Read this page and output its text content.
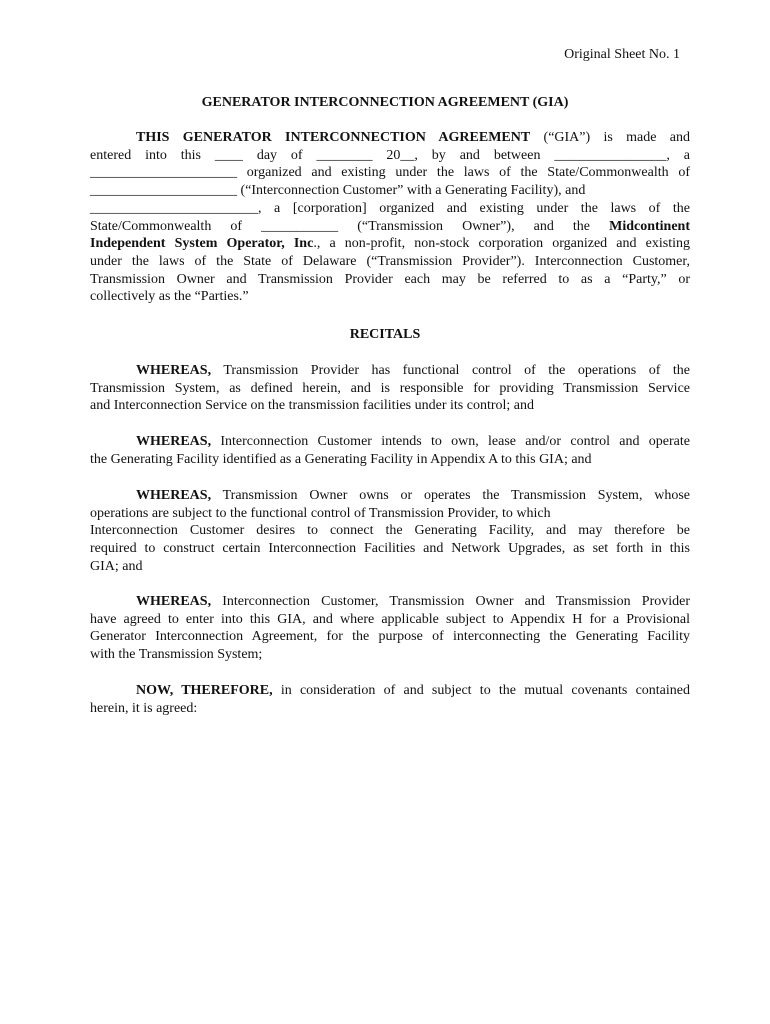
Original Sheet No. 1
GENERATOR INTERCONNECTION AGREEMENT (GIA)
THIS GENERATOR INTERCONNECTION AGREEMENT (“GIA”) is made and
entered into this ____ day of ________ 20__, by and between ________________, a
_____________________ organized and existing under the laws of the State/Commonwealth of
_____________________ (“Interconnection Customer” with a Generating Facility), and
________________________, a [corporation] organized and existing under the laws of the
State/Commonwealth of ___________ (“Transmission Owner”), and the Midcontinent
Independent System Operator, Inc., a non-profit, non-stock corporation organized and existing
under the laws of the State of Delaware (“Transmission Provider”). Interconnection Customer,
Transmission Owner and Transmission Provider each may be referred to as a “Party,” or
collectively as the “Parties.”
RECITALS
WHEREAS, Transmission Provider has functional control of the operations of the
Transmission System, as defined herein, and is responsible for providing Transmission Service
and Interconnection Service on the transmission facilities under its control; and
WHEREAS, Interconnection Customer intends to own, lease and/or control and operate
the Generating Facility identified as a Generating Facility in Appendix A to this GIA; and
WHEREAS, Transmission Owner owns or operates the Transmission System, whose
operations are subject to the functional control of Transmission Provider, to which
Interconnection Customer desires to connect the Generating Facility, and may therefore be
required to construct certain Interconnection Facilities and Network Upgrades, as set forth in this
GIA; and
WHEREAS, Interconnection Customer, Transmission Owner and Transmission Provider
have agreed to enter into this GIA, and where applicable subject to Appendix H for a Provisional
Generator Interconnection Agreement, for the purpose of interconnecting the Generating Facility
with the Transmission System;
NOW, THEREFORE, in consideration of and subject to the mutual covenants contained
herein, it is agreed:
